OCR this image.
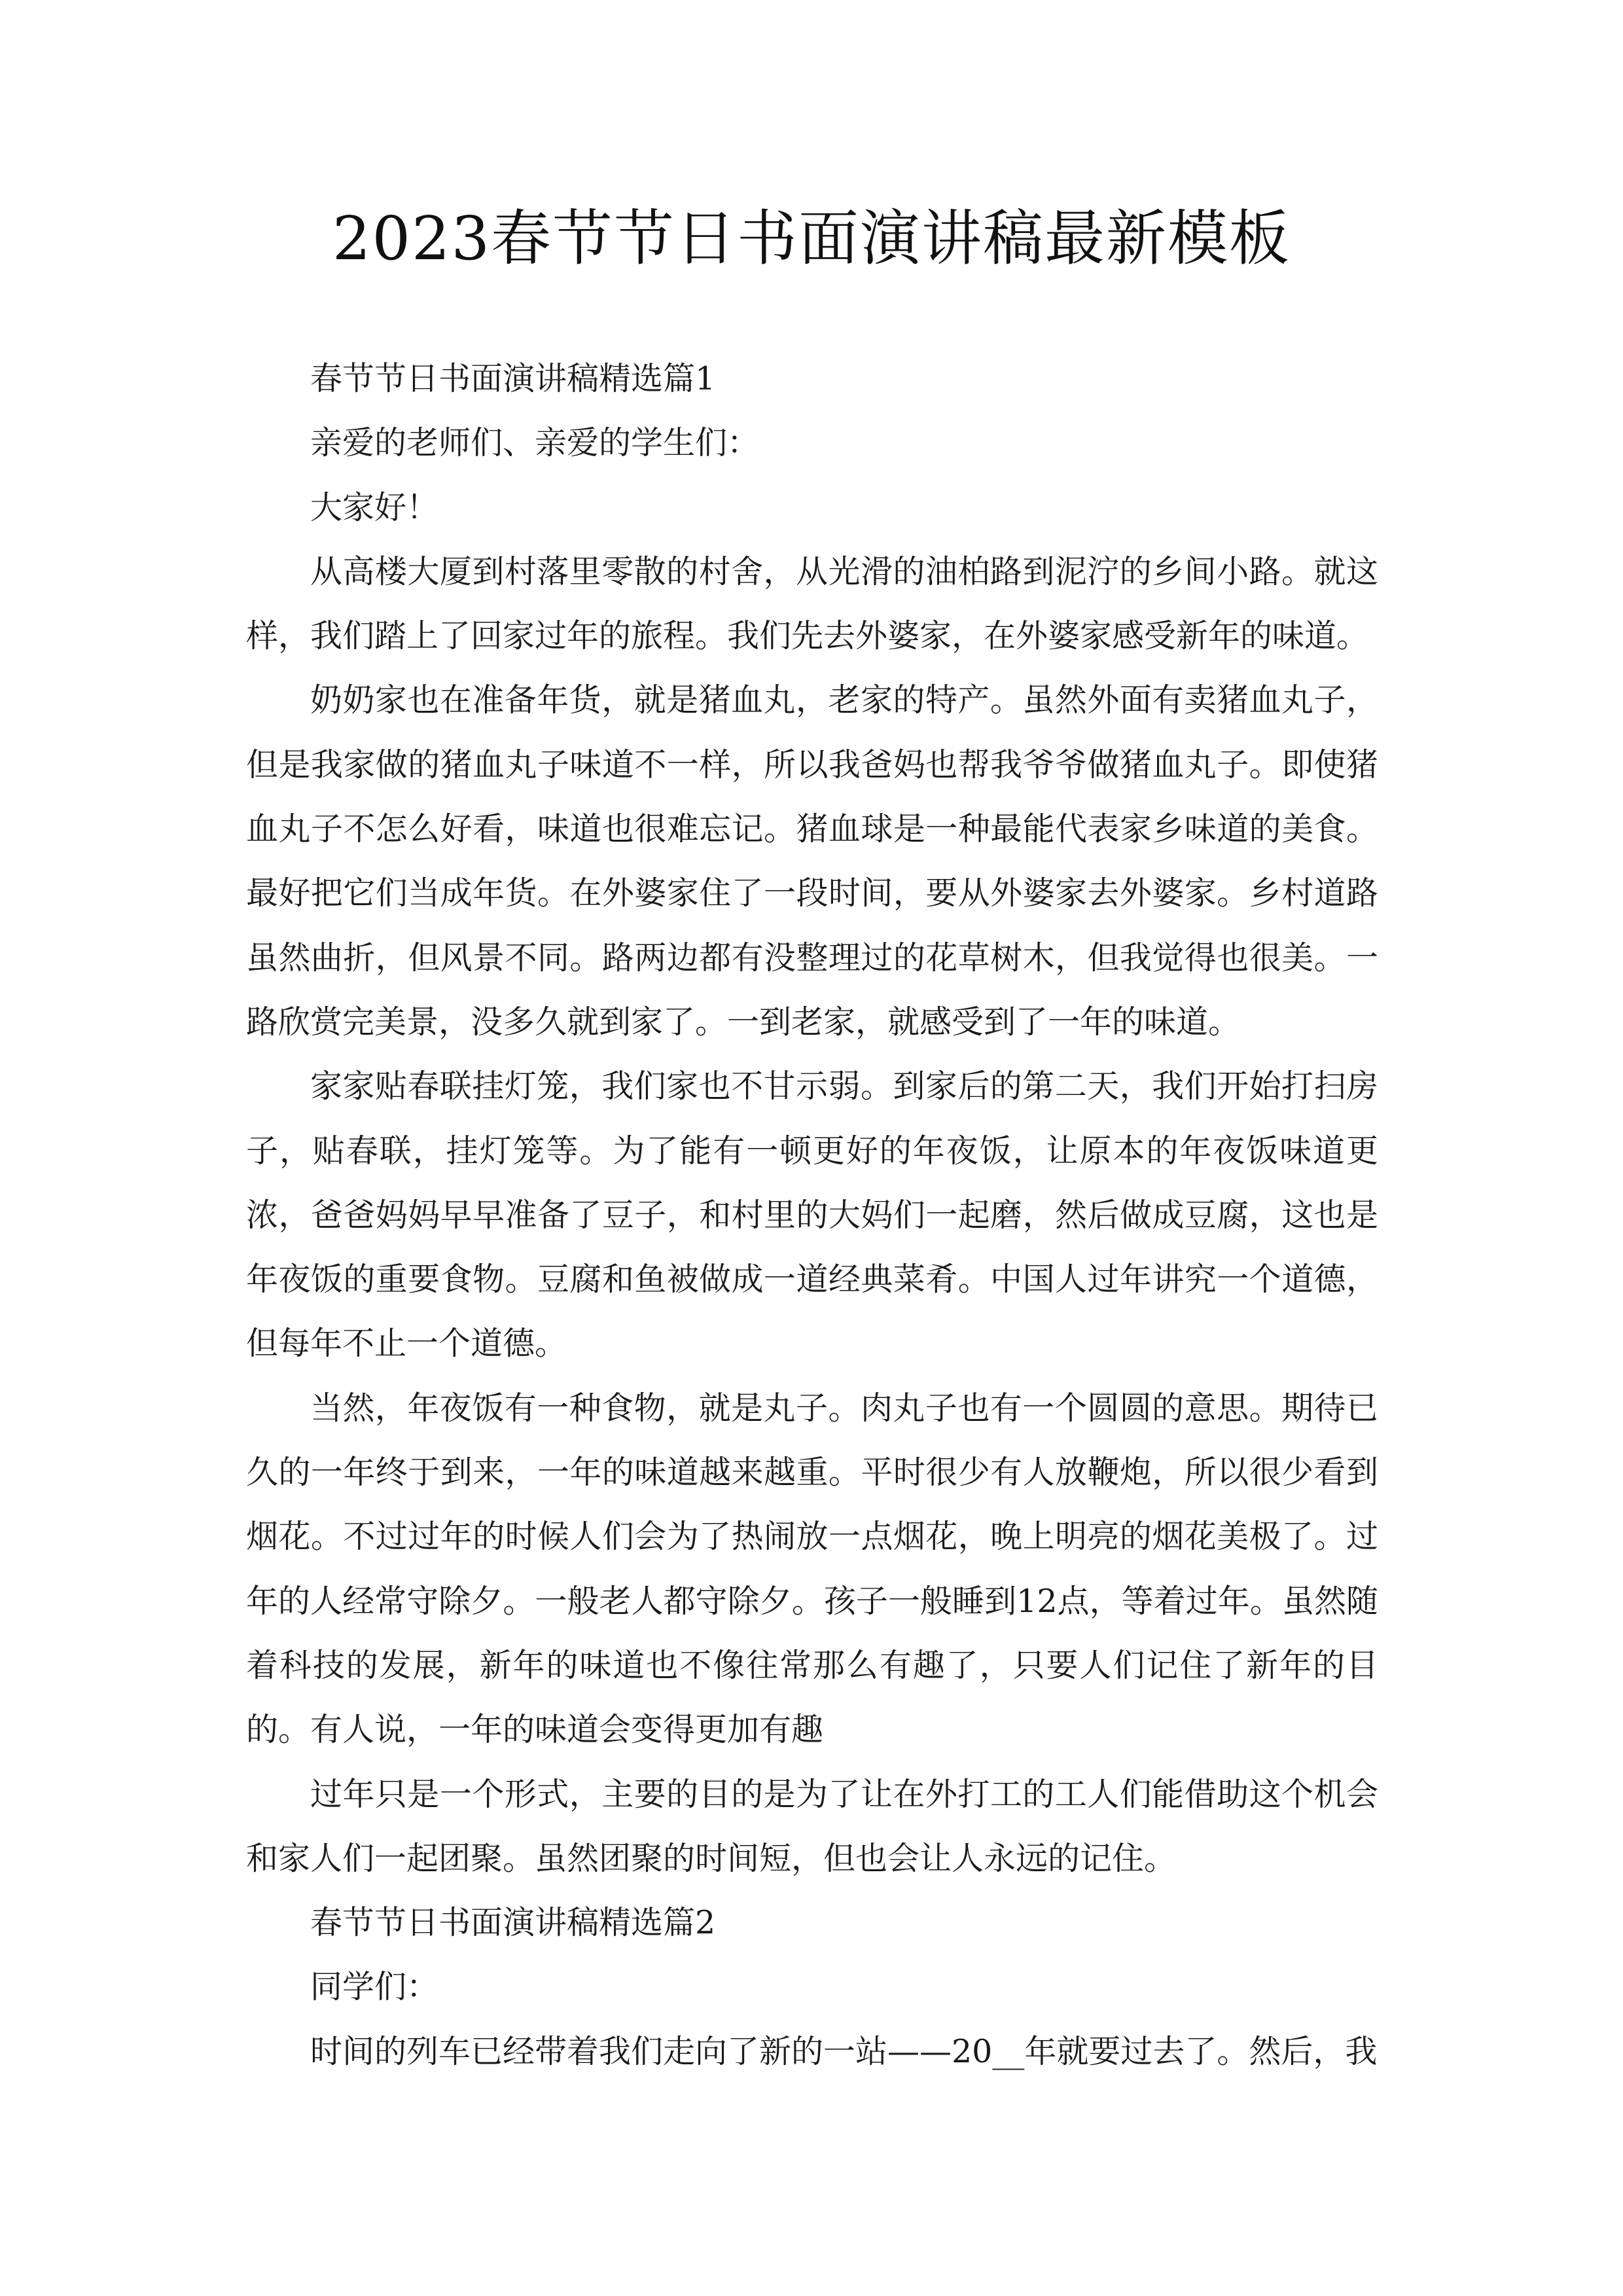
2023春节节日书面演讲稿最新模板

春节节日书面演讲稿精选篇1

亲爱的老师们、亲爱的学生们：

大家好！

从高楼大厦到村落里零散的村舍，从光滑的油柏路到泥泞的乡间小路。就这样，我们踏上了回家过年的旅程。我们先去外婆家，在外婆家感受新年的味道。

奶奶家也在准备年货，就是猪血丸，老家的特产。虽然外面有卖猪血丸子，但是我家做的猪血丸子味道不一样，所以我爸妈也帮我爷爷做猪血丸子。即使猪血丸子不怎么好看，味道也很难忘记。猪血球是一种最能代表家乡味道的美食。最好把它们当成年货。在外婆家住了一段时间，要从外婆家去外婆家。乡村道路虽然曲折，但风景不同。路两边都有没整理过的花草树木，但我觉得也很美。一路欣赏完美景，没多久就到家了。一到老家，就感受到了一年的味道。

家家贴春联挂灯笼，我们家也不甘示弱。到家后的第二天，我们开始打扫房子，贴春联，挂灯笼等。为了能有一顿更好的年夜饭，让原本的年夜饭味道更浓，爸爸妈妈早早准备了豆子，和村里的大妈们一起磨，然后做成豆腐，这也是年夜饭的重要食物。豆腐和鱼被做成一道经典菜肴。中国人过年讲究一个道德，但每年不止一个道德。

当然，年夜饭有一种食物，就是丸子。肉丸子也有一个圆圆的意思。期待已久的一年终于到来，一年的味道越来越重。平时很少有人放鞭炮，所以很少看到烟花。不过过年的时候人们会为了热闹放一点烟花，晚上明亮的烟花美极了。过年的人经常守除夕。一般老人都守除夕。孩子一般睡到12点，等着过年。虽然随着科技的发展，新年的味道也不像往常那么有趣了，只要人们记住了新年的目的。有人说，一年的味道会变得更加有趣

过年只是一个形式，主要的目的是为了让在外打工的工人们能借助这个机会和家人们一起团聚。虽然团聚的时间短，但也会让人永远的记住。

春节节日书面演讲稿精选篇2

同学们：

时间的列车已经带着我们走向了新的一站——20__年就要过去了。然后，我
